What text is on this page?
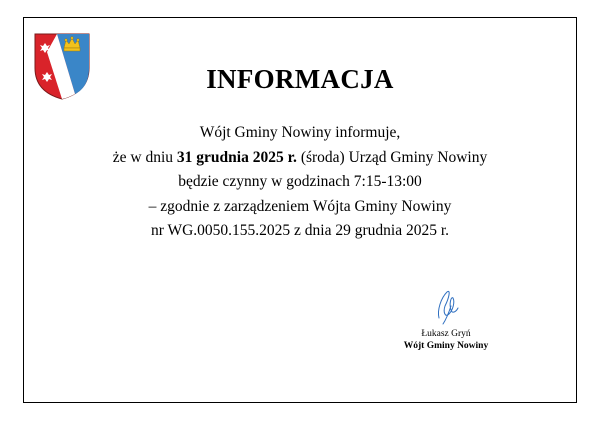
INFORMACJA
Wójt Gminy Nowiny informuje,
że w dniu 31 grudnia 2025 r. (środa) Urząd Gminy Nowiny
będzie czynny w godzinach 7:15-13:00
– zgodnie z zarządzeniem Wójta Gminy Nowiny
nr WG.0050.155.2025 z dnia 29 grudnia 2025 r.
Łukasz Gryń
Wójt Gminy Nowiny
